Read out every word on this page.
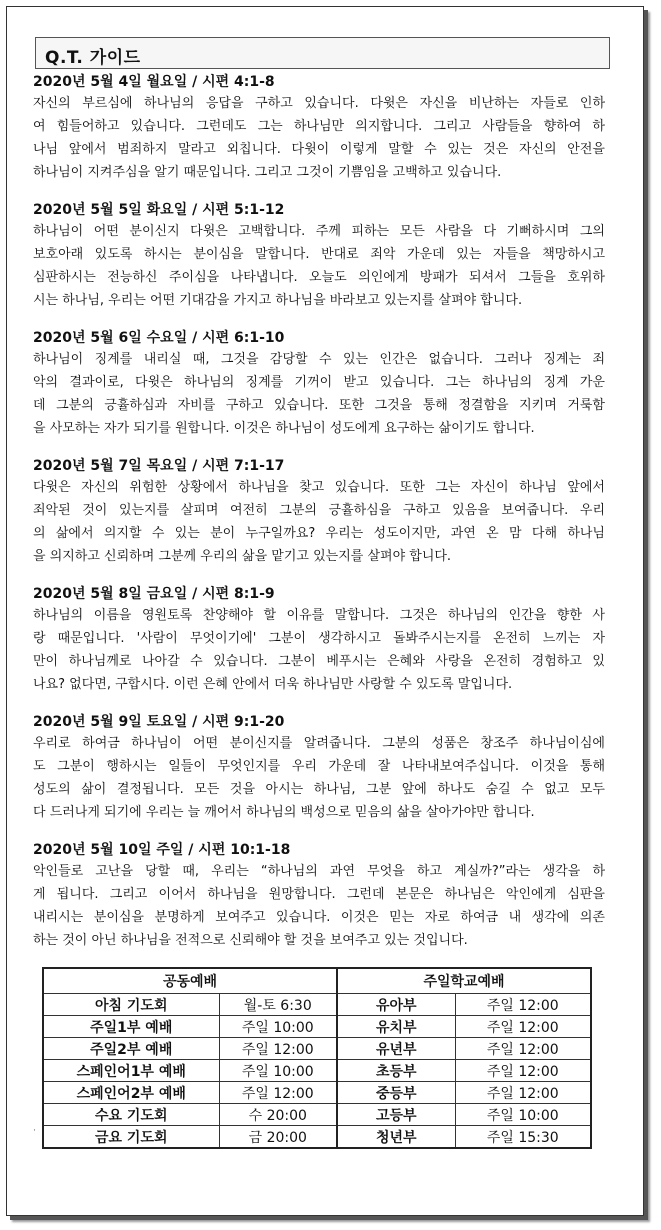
Q.T. 가이드
2020년 5월 4일 월요일 / 시편 4:1-8

자신의 부르심에 하나님의 응답을 구하고 있습니다. 다윗은 자신을 비난하는 자들로 인하

여 힘들어하고 있습니다. 그런데도 그는 하나님만 의지합니다. 그리고 사람들을 향하여 하

나님 앞에서 범죄하지 말라고 외칩니다. 다윗이 이렇게 말할 수 있는 것은 자신의 안전을

하나님이 지켜주심을 알기 때문입니다. 그리고 그것이 기쁨임을 고백하고 있습니다.

2020년 5월 5일 화요일 / 시편 5:1-12

하나님이 어떤 분이신지 다윗은 고백합니다. 주께 피하는 모든 사람을 다 기뻐하시며 그의

보호아래 있도록 하시는 분이심을 말합니다. 반대로 죄악 가운데 있는 자들을 책망하시고

심판하시는 전능하신 주이심을 나타냅니다. 오늘도 의인에게 방패가 되셔서 그들을 호위하

시는 하나님, 우리는 어떤 기대감을 가지고 하나님을 바라보고 있는지를 살펴야 합니다.

2020년 5월 6일 수요일 / 시편 6:1-10

하나님이 징계를 내리실 때, 그것을 감당할 수 있는 인간은 없습니다. 그러나 징계는 죄

악의 결과이로, 다윗은 하나님의 징계를 기꺼이 받고 있습니다. 그는 하나님의 징계 가운

데 그분의 긍휼하심과 자비를 구하고 있습니다. 또한 그것을 통해 정결함을 지키며 거룩함

을 사모하는 자가 되기를 원합니다. 이것은 하나님이 성도에게 요구하는 삶이기도 합니다.

2020년 5월 7일 목요일 / 시편 7:1-17

다윗은 자신의 위험한 상황에서 하나님을 찾고 있습니다. 또한 그는 자신이 하나님 앞에서

죄악된 것이 있는지를 살피며 여전히 그분의 긍휼하심을 구하고 있음을 보여줍니다. 우리

의 삶에서 의지할 수 있는 분이 누구일까요? 우리는 성도이지만, 과연 온 맘 다해 하나님

을 의지하고 신뢰하며 그분께 우리의 삶을 맡기고 있는지를 살펴야 합니다.

2020년 5월 8일 금요일 / 시편 8:1-9

하나님의 이름을 영원토록 찬양해야 할 이유를 말합니다. 그것은 하나님의 인간을 향한 사

랑 때문입니다. '사람이 무엇이기에' 그분이 생각하시고 돌봐주시는지를 온전히 느끼는 자

만이 하나님께로 나아갈 수 있습니다. 그분이 베푸시는 은혜와 사랑을 온전히 경험하고 있

나요? 없다면, 구합시다. 이런 은혜 안에서 더욱 하나님만 사랑할 수 있도록 말입니다.

2020년 5월 9일 토요일 / 시편 9:1-20

우리로 하여금 하나님이 어떤 분이신지를 알려줍니다. 그분의 성품은 창조주 하나님이심에

도 그분이 행하시는 일들이 무엇인지를 우리 가운데 잘 나타내보여주십니다. 이것을 통해

성도의 삶이 결정됩니다. 모든 것을 아시는 하나님, 그분 앞에 하나도 숨길 수 없고 모두

다 드러나게 되기에 우리는 늘 깨어서 하나님의 백성으로 믿음의 삶을 살아가야만 합니다.

2020년 5월 10일 주일 / 시편 10:1-18

악인들로 고난을 당할 때, 우리는 “하나님의 과연 무엇을 하고 계실까?”라는 생각을 하

게 됩니다. 그리고 이어서 하나님을 원망합니다. 그런데 본문은 하나님은 악인에게 심판을

내리시는 분이심을 분명하게 보여주고 있습니다. 이것은 믿는 자로 하여금 내 생각에 의존

하는 것이 아닌 하나님을 전적으로 신뢰해야 할 것을 보여주고 있는 것입니다.

공동예배		주일학교예배	
아침 기도회	월-토 6:30	유아부	주일 12:00
주일1부 예배	주일 10:00	유치부	주일 12:00
주일2부 예배	주일 12:00	유년부	주일 12:00
스페인어1부 예배	주일 10:00	초등부	주일 12:00
스페인어2부 예배	주일 12:00	중등부	주일 12:00
수요 기도회	수 20:00	고등부	주일 10:00
금요 기도회	금 20:00	청년부	주일 15:30
·
